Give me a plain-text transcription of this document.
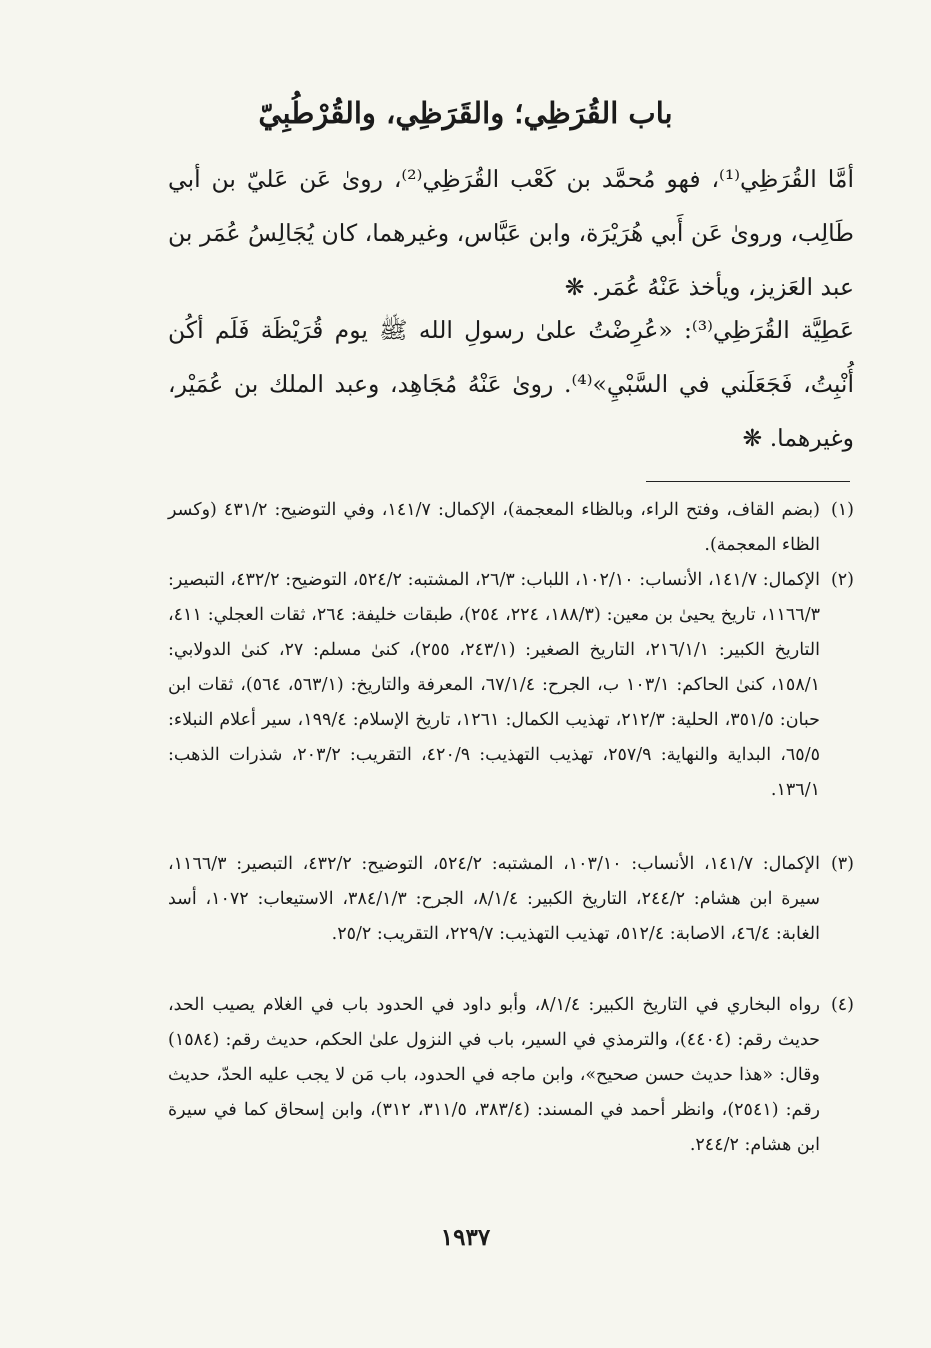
باب القُرَظِي؛ والقَرَظِي، والقُرْطُبِيّ

أمَّا القُرَظِي⁽¹⁾، فهو مُحمَّد بن كَعْب القُرَظِي⁽²⁾، روىٰ عَن عَليّ بن أبي طَالِب، وروىٰ عَن أَبي هُرَيْرَة، وابن عَبَّاس، وغيرهما، كان يُجَالِسُ عُمَر بن عبد العَزيز، ويأخذ عَنْهُ عُمَر. ❋

عَطِيَّة القُرَظِي⁽³⁾: «عُرِضْتُ علىٰ رسولِ الله ﷺ يوم قُرَيْظَة فَلَم أكُن أُنْبِتُ، فَجَعَلَني في السَّبْيِ»⁽⁴⁾. روىٰ عَنْهُ مُجَاهِد، وعبد الملك بن عُمَيْر، وغيرهما. ❋

(١)
(بضم القاف، وفتح الراء، وبالظاء المعجمة)، الإكمال: ١٤١/٧، وفي التوضيح: ٤٣١/٢ (وكسر الظاء المعجمة).
(٢)
الإكمال: ١٤١/٧، الأنساب: ١٠٢/١٠، اللباب: ٢٦/٣، المشتبه: ٥٢٤/٢، التوضيح: ٤٣٢/٢، التبصير: ١١٦٦/٣، تاريخ يحيىٰ بن معين: (١٨٨/٣، ٢٢٤، ٢٥٤)، طبقات خليفة: ٢٦٤، ثقات العجلي: ٤١١، التاريخ الكبير: ٢١٦/١/١، التاريخ الصغير: (٢٤٣/١، ٢٥٥)، كنىٰ مسلم: ٢٧، كنىٰ الدولابي: ١٥٨/١، كنىٰ الحاكم: ١٠٣/١ ب، الجرح: ٦٧/١/٤، المعرفة والتاريخ: (٥٦٣/١، ٥٦٤)، ثقات ابن حبان: ٣٥١/٥، الحلية: ٢١٢/٣، تهذيب الكمال: ١٢٦١، تاريخ الإسلام: ١٩٩/٤، سير أعلام النبلاء: ٦٥/٥، البداية والنهاية: ٢٥٧/٩، تهذيب التهذيب: ٤٢٠/٩، التقريب: ٢٠٣/٢، شذرات الذهب: ١٣٦/١.
(٣)
الإكمال: ١٤١/٧، الأنساب: ١٠٣/١٠، المشتبه: ٥٢٤/٢، التوضيح: ٤٣٢/٢، التبصير: ١١٦٦/٣، سيرة ابن هشام: ٢٤٤/٢، التاريخ الكبير: ٨/١/٤، الجرح: ٣٨٤/١/٣، الاستيعاب: ١٠٧٢، أسد الغابة: ٤٦/٤، الاصابة: ٥١٢/٤، تهذيب التهذيب: ٢٢٩/٧، التقريب: ٢٥/٢.
(٤)
رواه البخاري في التاريخ الكبير: ٨/١/٤، وأبو داود في الحدود باب في الغلام يصيب الحد، حديث رقم: (٤٤٠٤)، والترمذي في السير، باب في النزول علىٰ الحكم، حديث رقم: (١٥٨٤) وقال: «هذا حديث حسن صحيح»، وابن ماجه في الحدود، باب مَن لا يجب عليه الحدّ، حديث رقم: (٢٥٤١)، وانظر أحمد في المسند: (٣٨٣/٤، ٣١١/٥، ٣١٢)، وابن إسحاق كما في سيرة ابن هشام: ٢٤٤/٢.
١٩٣٧
